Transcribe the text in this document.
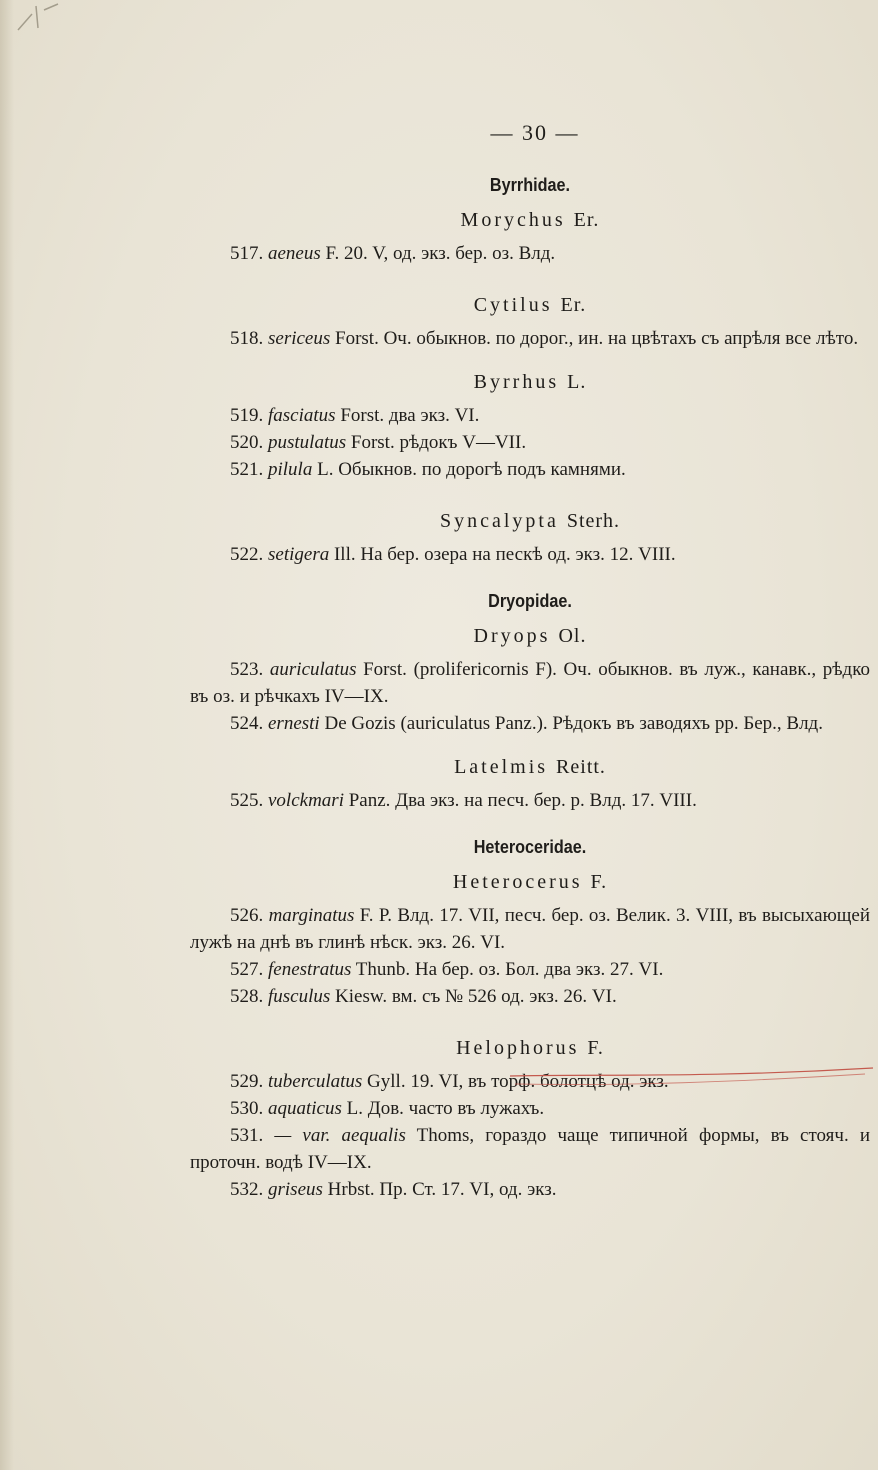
— 30 —
Byrrhidae.
Morychus Er.
517. aeneus F. 20. V, од. экз. бер. оз. Влд.
Cytilus Er.
518. sericeus Forst. Оч. обыкнов. по дорог., ин. на цвѣтахъ съ апрѣля все лѣто.
Byrrhus L.
519. fasciatus Forst. два экз. VI.
520. pustulatus Forst. рѣдокъ V—VII.
521. pilula L. Обыкнов. по дорогѣ подъ камнями.
Syncalypta Sterh.
522. setigera Ill. На бер. озера на пескѣ од. экз. 12. VIII.
Dryopidae.
Dryops Ol.
523. auriculatus Forst. (prolifericornis F). Оч. обыкнов. въ луж., канавк., рѣдко въ оз. и рѣчкахъ IV—IX.
524. ernesti De Gozis (auriculatus Panz.). Рѣдокъ въ заводяхъ рр. Бер., Влд.
Latelmis Reitt.
525. volckmari Panz. Два экз. на песч. бер. р. Влд. 17. VIII.
Heteroceridae.
Heterocerus F.
526. marginatus F. P. Влд. 17. VII, песч. бер. оз. Велик. 3. VIII, въ высыхающей лужѣ на днѣ въ глинѣ нѣск. экз. 26. VI.
527. fenestratus Thunb. На бер. оз. Бол. два экз. 27. VI.
528. fusculus Kiesw. вм. съ № 526 од. экз. 26. VI.
Helophorus F.
529. tuberculatus Gyll. 19. VI, въ торф. болотцѣ од. экз.
530. aquaticus L. Дов. часто въ лужахъ.
531. — var. aequalis Thoms, гораздо чаще типичной формы, въ стояч. и проточн. водѣ IV—IX.
532. griseus Hrbst. Пр. Ст. 17. VI, од. экз.
